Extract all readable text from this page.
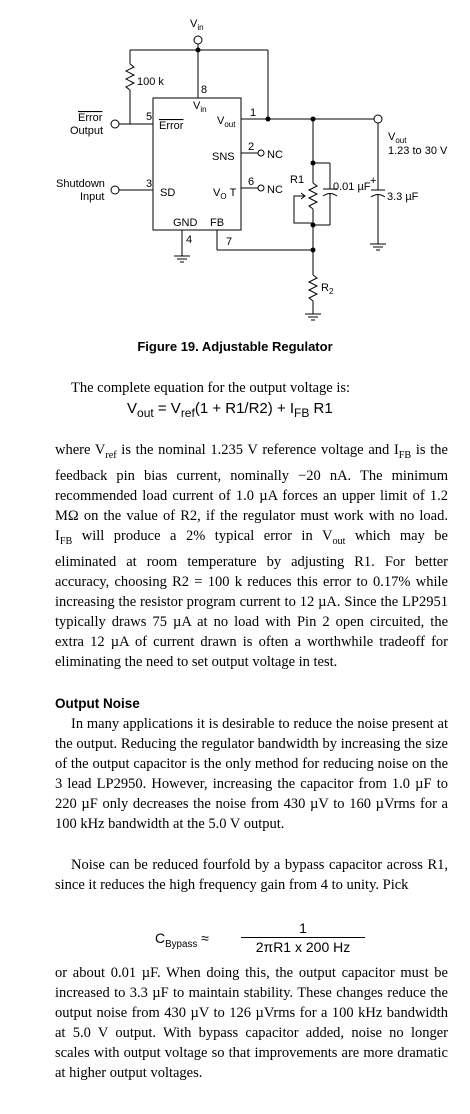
$V_{in}$
100 k
8
5	1
2
3	6
4	7
Error
Output
Shutdown
Input
$V_{in}$
Error	$V_{out}$
SNS
SD	$V_O$ T
GND FB
NC
NC
R1
0.01 µF +
3.3 µF
$V_{out}$
1.23 to 30 V
$R_2$
Figure 19. Adjustable Regulator

The complete equation for the output voltage is:

$V_{out} = V_{ref}(1 + R1/R2) + I_{FB}$ R1

where $V_{ref}$ is the nominal 1.235 V reference voltage and $I_{FB}$ is the feedback pin bias current, nominally −20 nA. The minimum recommended load current of 1.0 µA forces an upper limit of 1.2 MΩ on the value of R2, if the regulator must work with no load. $I_{FB}$ will produce a 2% typical error in $V_{out}$ which may be eliminated at room temperature by adjusting R1. For better accuracy, choosing R2 = 100 k reduces this error to 0.17% while increasing the resistor program current to 12 µA. Since the LP2951 typically draws 75 µA at no load with Pin 2 open circuited, the extra 12 µA of current drawn is often a worthwhile tradeoff for eliminating the need to set output voltage in test.

Output Noise

In many applications it is desirable to reduce the noise present at the output. Reducing the regulator bandwidth by increasing the size of the output capacitor is the only method for reducing noise on the 3 lead LP2950. However, increasing the capacitor from 1.0 µF to 220 µF only decreases the noise from 430 µV to 160 µVrms for a 100 kHz bandwidth at the 5.0 V output.

Noise can be reduced fourfold by a bypass capacitor across R1, since it reduces the high frequency gain from 4 to unity. Pick

$C_{Bypass}$ ≈
1
2πR1 x 200 Hz

or about 0.01 µF. When doing this, the output capacitor must be increased to 3.3 µF to maintain stability. These changes reduce the output noise from 430 µV to 126 µVrms for a 100 kHz bandwidth at 5.0 V output. With bypass capacitor added, noise no longer scales with output voltage so that improvements are more dramatic at higher output voltages.
